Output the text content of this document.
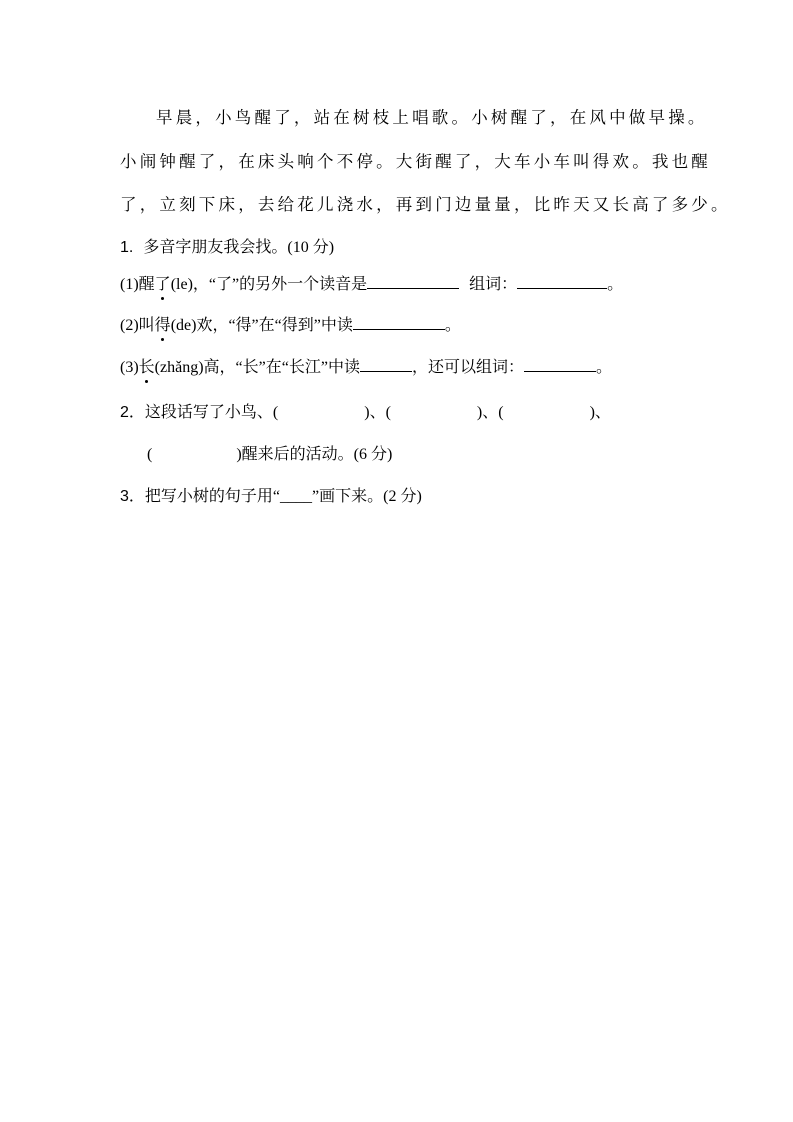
早晨，小鸟醒了，站在树枝上唱歌。小树醒了，在风中做早操。
小闹钟醒了，在床头响个不停。大街醒了，大车小车叫得欢。我也醒
了，立刻下床，去给花儿浇水，再到门边量量，比昨天又长高了多少。
1. 多音字朋友我会找。(10 分)
(1)醒了(le)，“了”的另外一个读音是	组词：	。
(2)叫得(de)欢，“得”在“得到”中读	。
(3)长(zhǎng)高，“长”在“长江”中读	，还可以组词：	。
2．这段话写了小鸟、(	)、(	)、(	)、
(	)醒来后的活动。(6 分)
3．把写小树的句子用“____”画下来。(2 分)
